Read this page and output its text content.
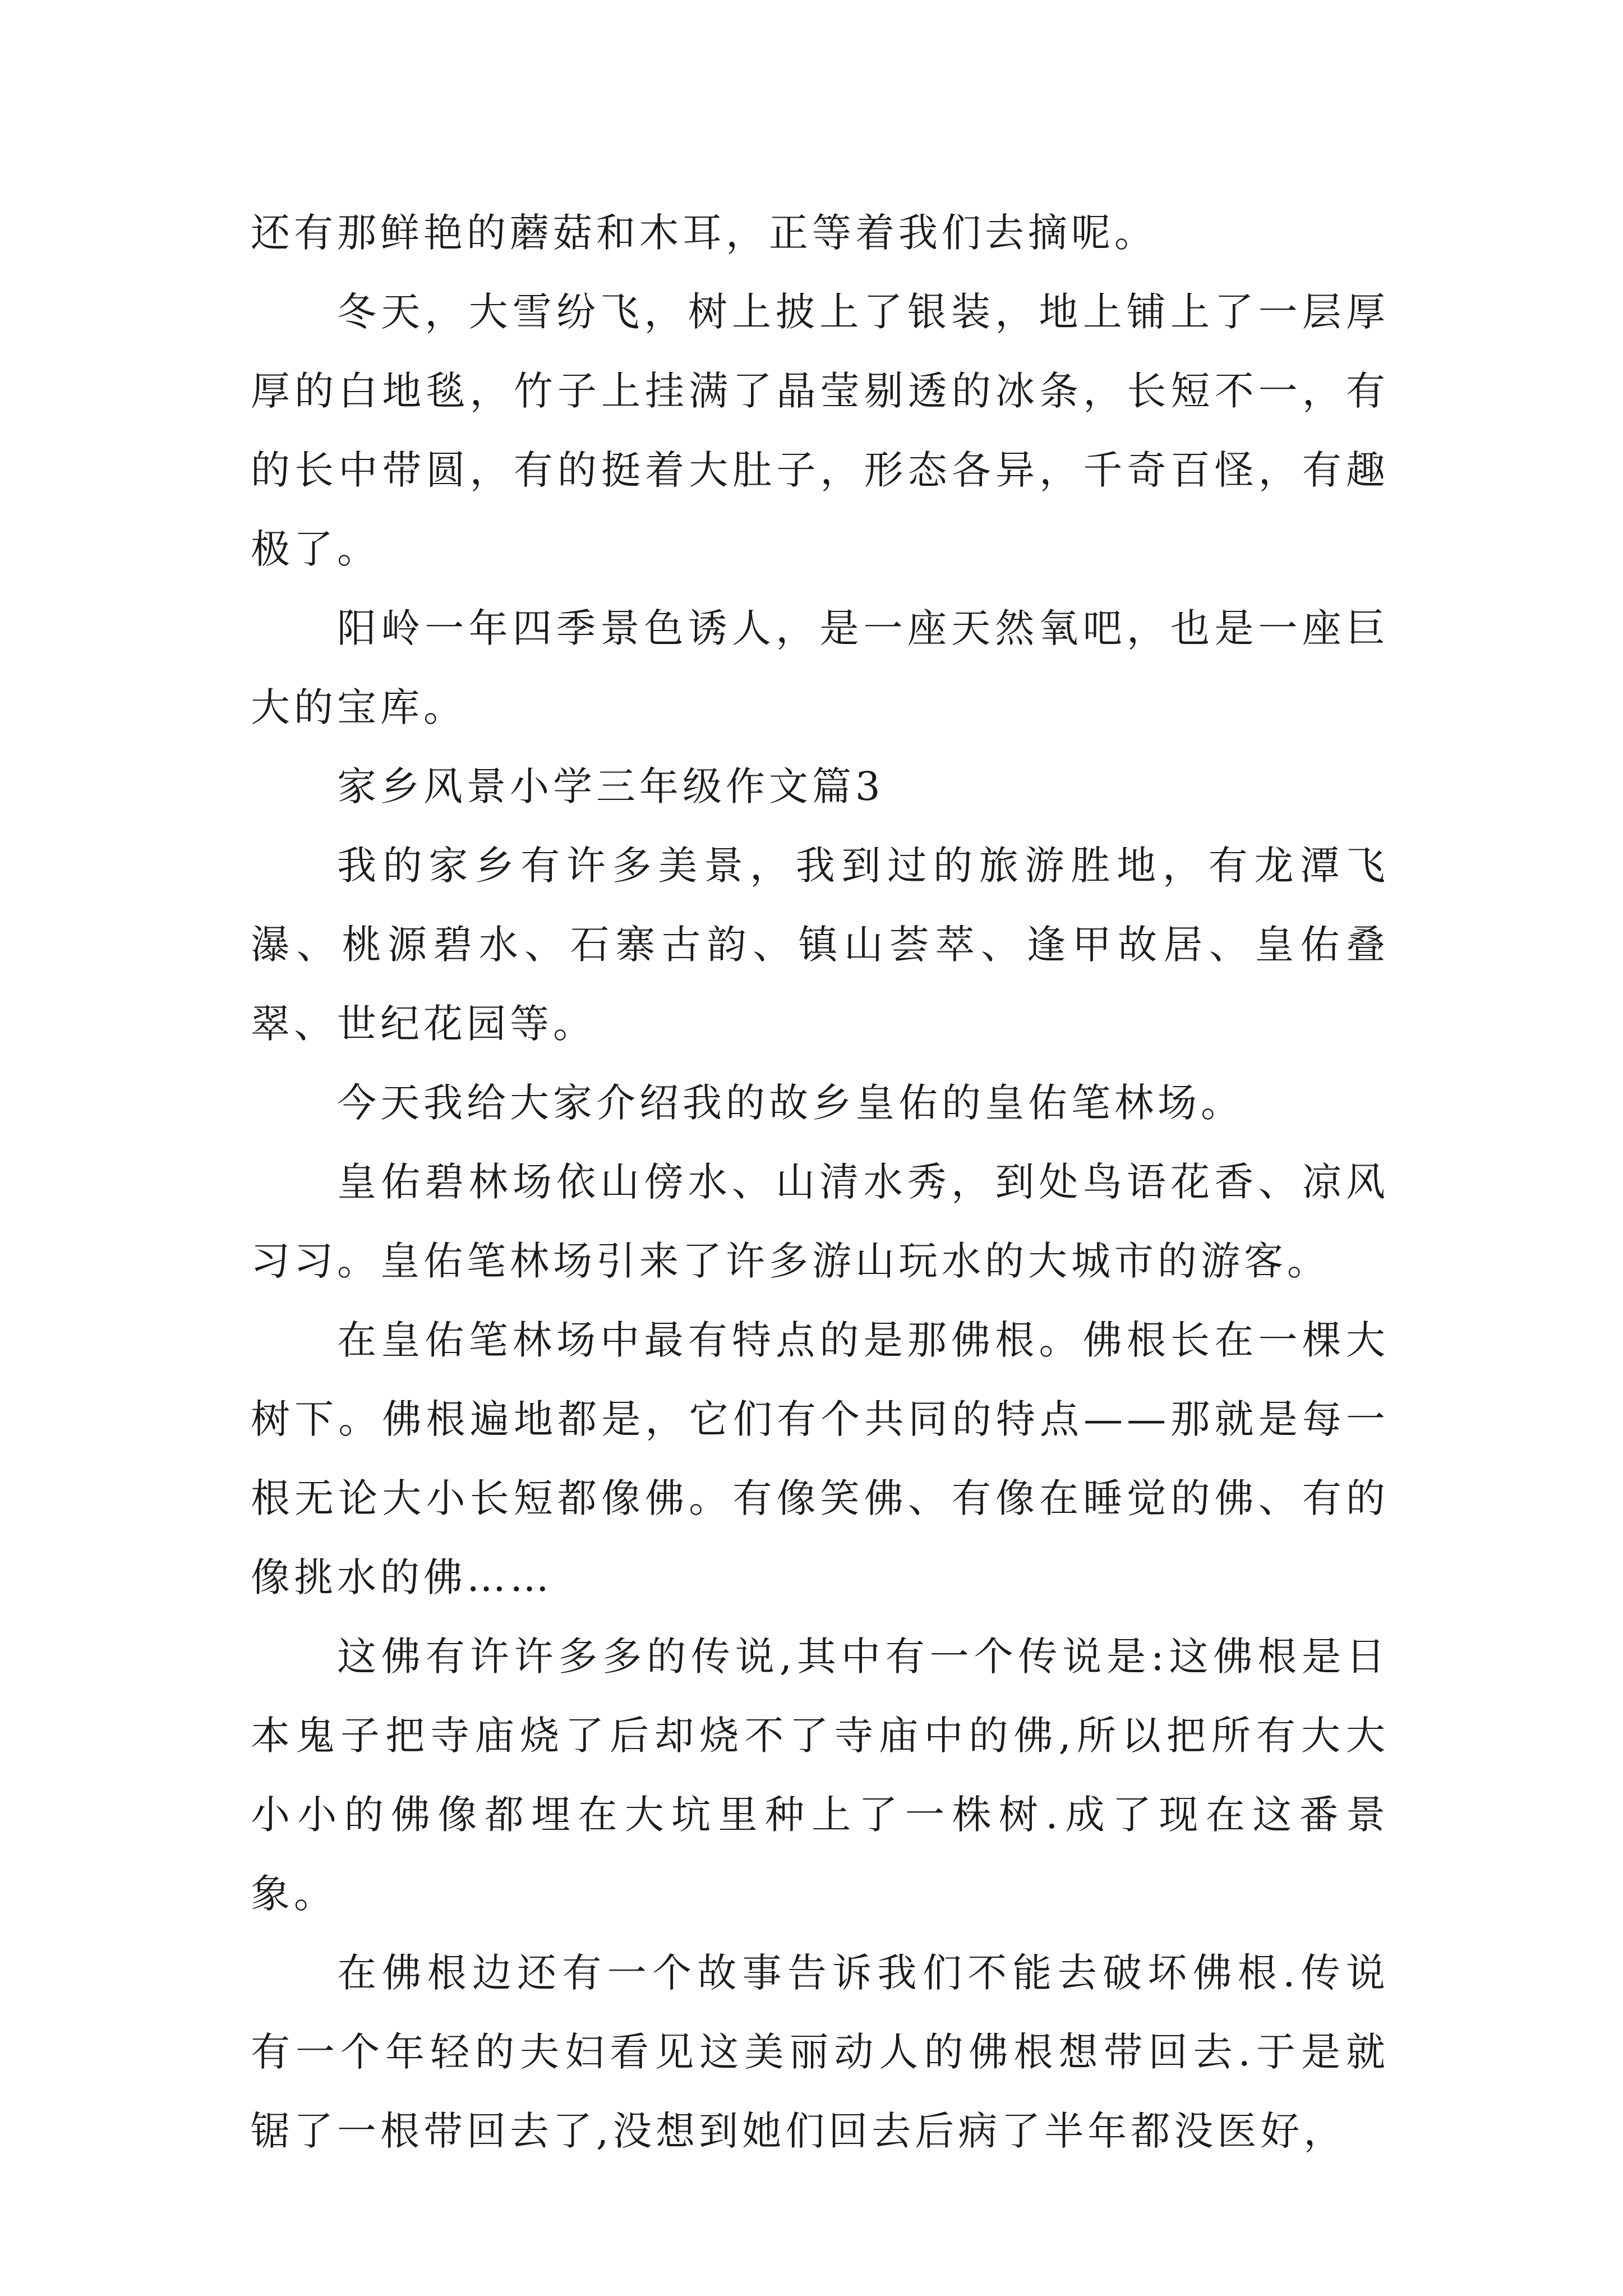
还有那鲜艳的蘑菇和木耳，正等着我们去摘呢。

冬天，大雪纷飞，树上披上了银装，地上铺上了一层厚厚的白地毯，竹子上挂满了晶莹剔透的冰条，长短不一，有的长中带圆，有的挺着大肚子，形态各异，千奇百怪，有趣极了。

阳岭一年四季景色诱人，是一座天然氧吧，也是一座巨大的宝库。

家乡风景小学三年级作文篇3

我的家乡有许多美景，我到过的旅游胜地，有龙潭飞瀑、桃源碧水、石寨古韵、镇山荟萃、逢甲故居、皇佑叠翠、世纪花园等。

今天我给大家介绍我的故乡皇佑的皇佑笔林场。

皇佑碧林场依山傍水、山清水秀，到处鸟语花香、凉风习习。皇佑笔林场引来了许多游山玩水的大城市的游客。

在皇佑笔林场中最有特点的是那佛根。佛根长在一棵大树下。佛根遍地都是，它们有个共同的特点——那就是每一根无论大小长短都像佛。有像笑佛、有像在睡觉的佛、有的像挑水的佛……

这佛有许许多多的传说,其中有一个传说是:这佛根是日本鬼子把寺庙烧了后却烧不了寺庙中的佛,所以把所有大大小小的佛像都埋在大坑里种上了一株树.成了现在这番景象。

在佛根边还有一个故事告诉我们不能去破坏佛根.传说有一个年轻的夫妇看见这美丽动人的佛根想带回去.于是就锯了一根带回去了,没想到她们回去后病了半年都没医好，
